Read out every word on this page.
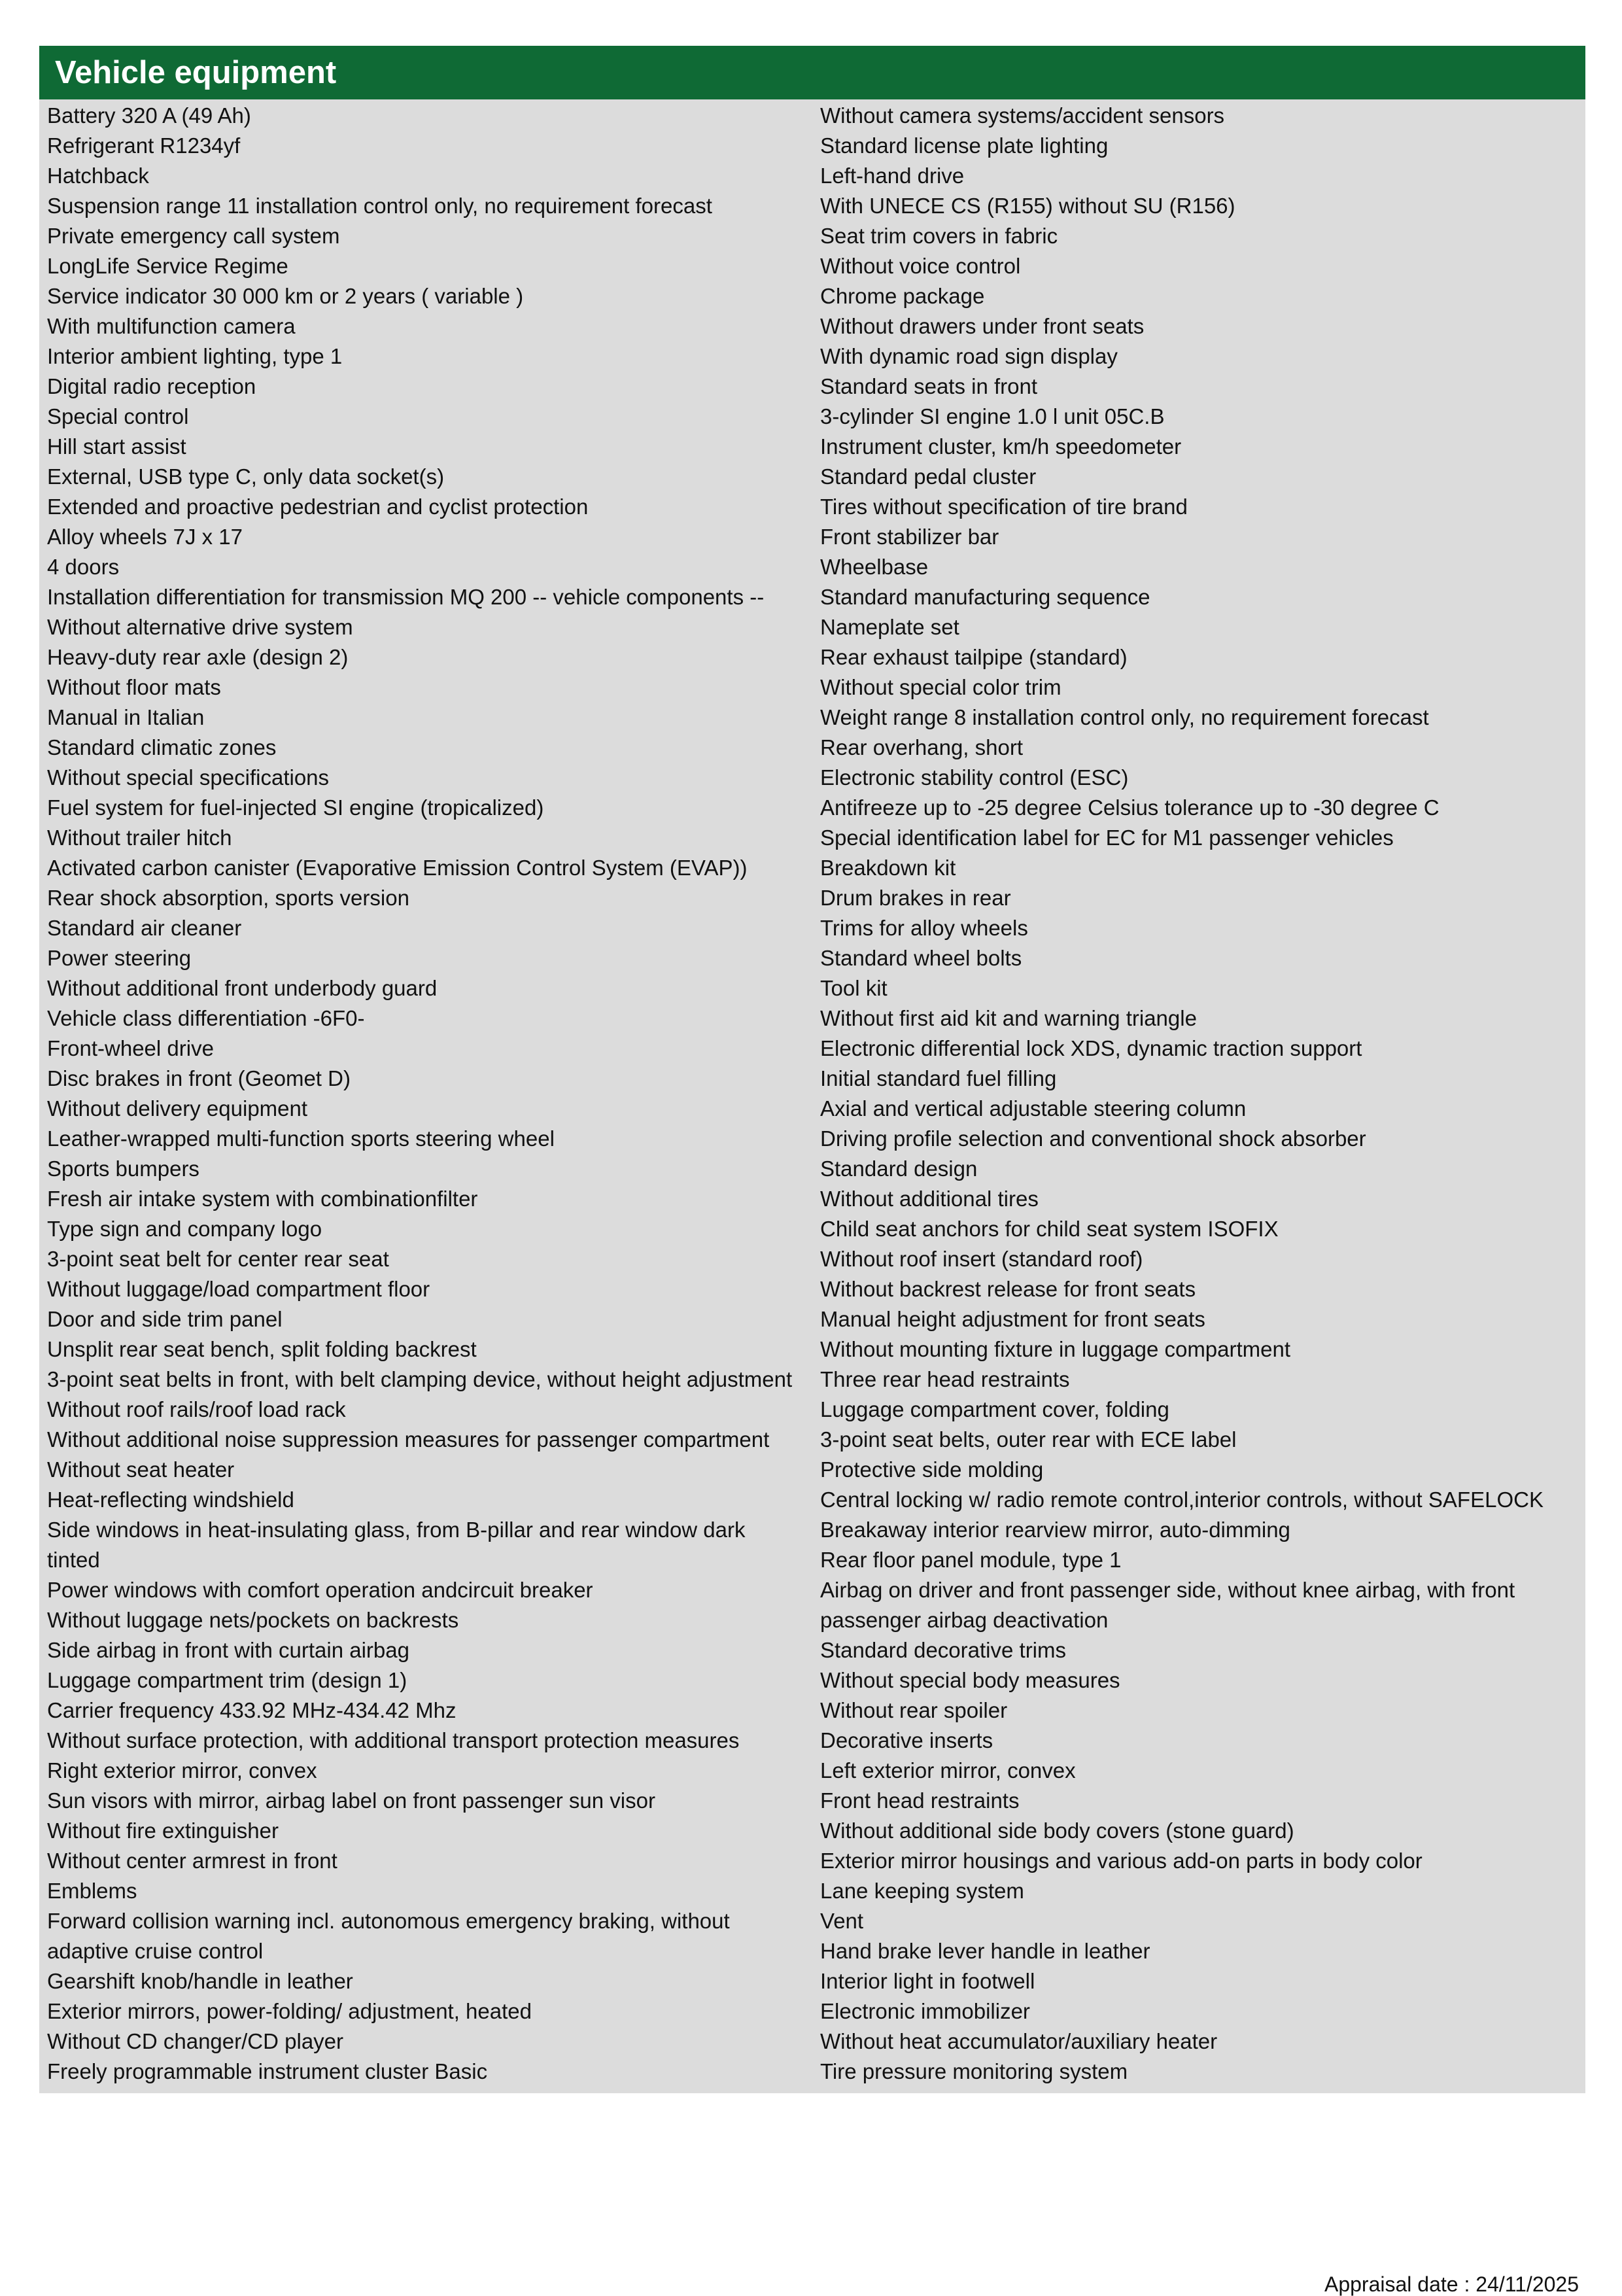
Vehicle equipment
Battery 320 A (49 Ah)
Refrigerant R1234yf
Hatchback
Suspension range 11 installation control only, no requirement forecast
Private emergency call system
LongLife Service Regime
Service indicator 30 000 km or 2 years ( variable )
With multifunction camera
Interior ambient lighting, type 1
Digital radio reception
Special control
Hill start assist
External, USB type C, only data socket(s)
Extended and proactive pedestrian and cyclist protection
Alloy wheels 7J x 17
4 doors
Installation differentiation for transmission MQ 200 -- vehicle components --
Without alternative drive system
Heavy-duty rear axle (design 2)
Without floor mats
Manual in Italian
Standard climatic zones
Without special specifications
Fuel system for fuel-injected SI engine (tropicalized)
Without trailer hitch
Activated carbon canister (Evaporative Emission Control System (EVAP))
Rear shock absorption, sports version
Standard air cleaner
Power steering
Without additional front underbody guard
Vehicle class differentiation -6F0-
Front-wheel drive
Disc brakes in front (Geomet D)
Without delivery equipment
Leather-wrapped multi-function sports steering wheel
Sports bumpers
Fresh air intake system with combinationfilter
Type sign and company logo
3-point seat belt for center rear seat
Without luggage/load compartment floor
Door and side trim panel
Unsplit rear seat bench, split folding backrest
3-point seat belts in front, with belt clamping device, without height adjustment
Without roof rails/roof load rack
Without additional noise suppression measures for passenger compartment
Without seat heater
Heat-reflecting windshield
Side windows in heat-insulating glass, from B-pillar and rear window dark
tinted
Power windows with comfort operation andcircuit breaker
Without luggage nets/pockets on backrests
Side airbag in front with curtain airbag
Luggage compartment trim (design 1)
Carrier frequency 433.92 MHz-434.42 Mhz
Without surface protection, with additional transport protection measures
Right exterior mirror, convex
Sun visors with mirror, airbag label on front passenger sun visor
Without fire extinguisher
Without center armrest in front
Emblems
Forward collision warning incl. autonomous emergency braking, without
adaptive cruise control
Gearshift knob/handle in leather
Exterior mirrors, power-folding/ adjustment, heated
Without CD changer/CD player
Freely programmable instrument cluster Basic
Without camera systems/accident sensors
Standard license plate lighting
Left-hand drive
With UNECE CS (R155) without SU (R156)
Seat trim covers in fabric
Without voice control
Chrome package
Without drawers under front seats
With dynamic road sign display
Standard seats in front
3-cylinder SI engine 1.0 l unit 05C.B
Instrument cluster, km/h speedometer
Standard pedal cluster
Tires without specification of tire brand
Front stabilizer bar
Wheelbase
Standard manufacturing sequence
Nameplate set
Rear exhaust tailpipe (standard)
Without special color trim
Weight range 8 installation control only, no requirement forecast
Rear overhang, short
Electronic stability control (ESC)
Antifreeze up to -25 degree Celsius tolerance up to -30 degree C
Special identification label for EC for M1 passenger vehicles
Breakdown kit
Drum brakes in rear
Trims for alloy wheels
Standard wheel bolts
Tool kit
Without first aid kit and warning triangle
Electronic differential lock XDS, dynamic traction support
Initial standard fuel filling
Axial and vertical adjustable steering column
Driving profile selection and conventional shock absorber
Standard design
Without additional tires
Child seat anchors for child seat system ISOFIX
Without roof insert (standard roof)
Without backrest release for front seats
Manual height adjustment for front seats
Without mounting fixture in luggage compartment
Three rear head restraints
Luggage compartment cover, folding
3-point seat belts, outer rear with ECE label
Protective side molding
Central locking w/ radio remote control,interior controls, without SAFELOCK
Breakaway interior rearview mirror, auto-dimming
Rear floor panel module, type 1
Airbag on driver and front passenger side, without knee airbag, with front
passenger airbag deactivation
Standard decorative trims
Without special body measures
Without rear spoiler
Decorative inserts
Left exterior mirror, convex
Front head restraints
Without additional side body covers (stone guard)
Exterior mirror housings and various add-on parts in body color
Lane keeping system
Vent
Hand brake lever handle in leather
Interior light in footwell
Electronic immobilizer
Without heat accumulator/auxiliary heater
Tire pressure monitoring system
Appraisal date : 24/11/2025
